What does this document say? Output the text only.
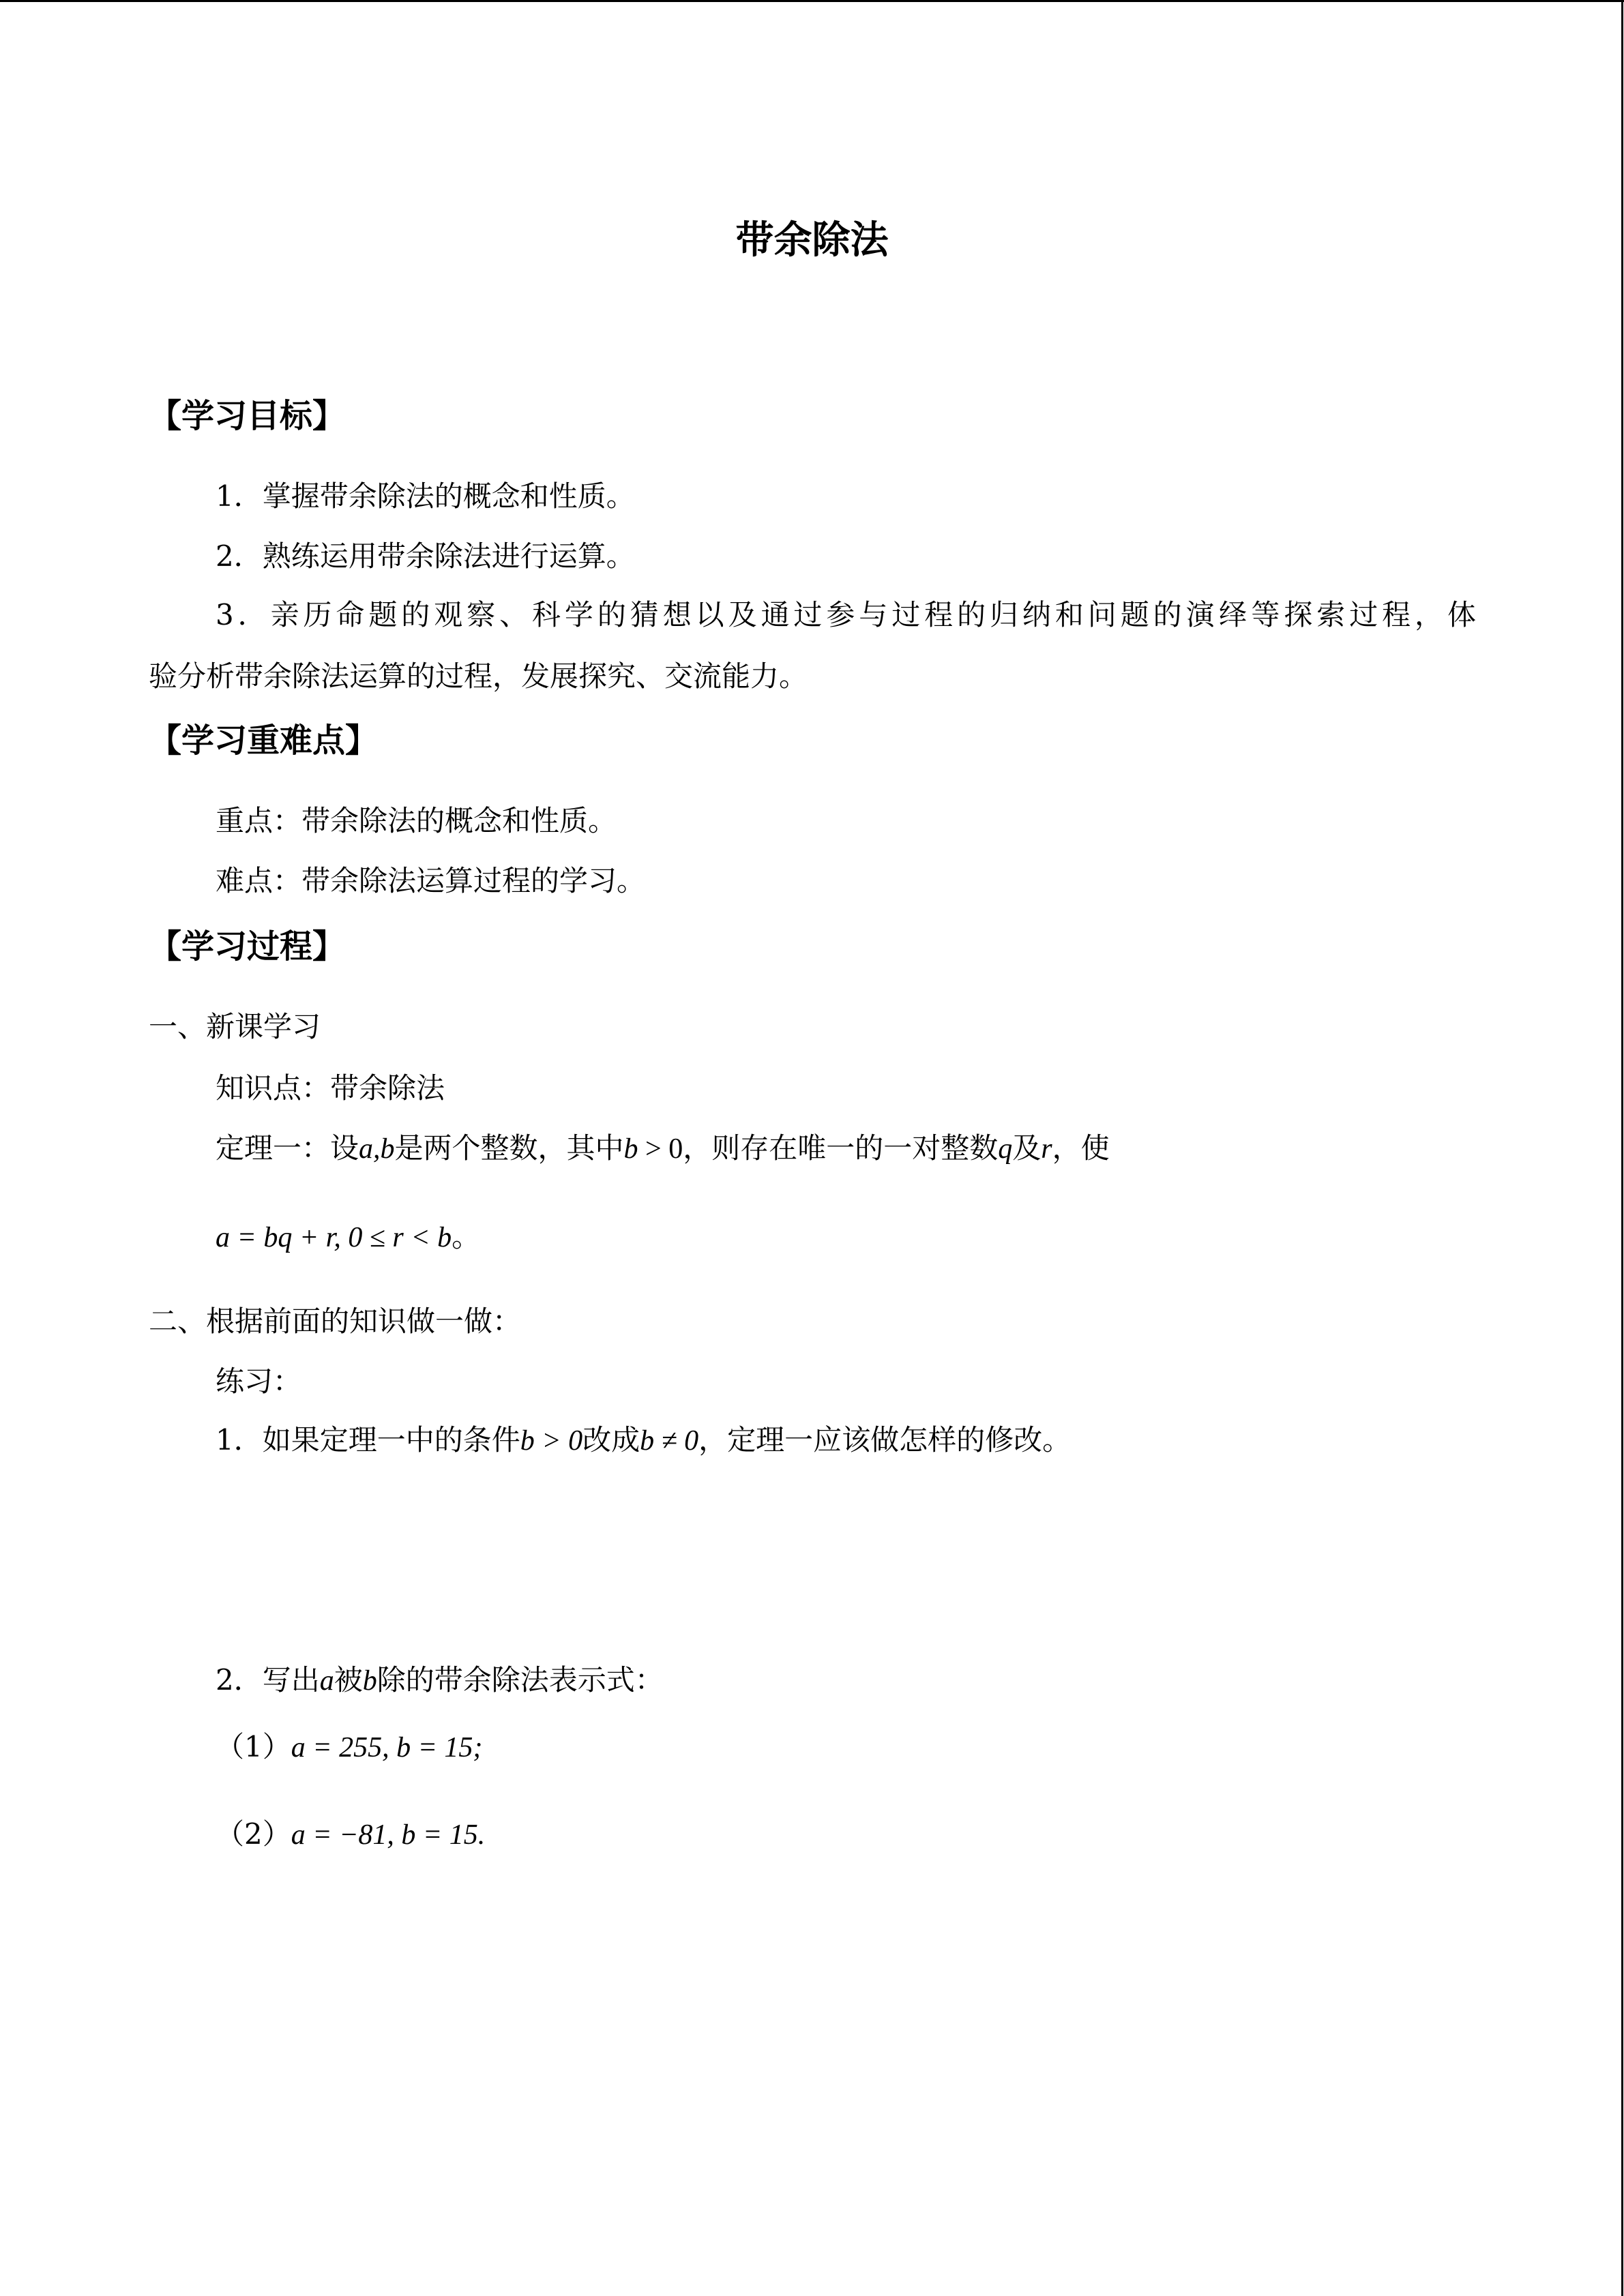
带余除法
【学习目标】
1．掌握带余除法的概念和性质。
2．熟练运用带余除法进行运算。
3．亲历命题的观察、科学的猜想以及通过参与过程的归纳和问题的演绎等探索过程，体
验分析带余除法运算的过程，发展探究、交流能力。
【学习重难点】
重点：带余除法的概念和性质。
难点：带余除法运算过程的学习。
【学习过程】
一、新课学习
知识点：带余除法
定理一：设a,b是两个整数，其中b > 0，则存在唯一的一对整数q及r，使
a = bq + r, 0 ≤ r < b。
二、根据前面的知识做一做：
练习：
1．如果定理一中的条件b > 0改成b ≠ 0，定理一应该做怎样的修改。
2．写出a被b除的带余除法表示式：
（1）a = 255, b = 15;
（2）a = −81, b = 15.
